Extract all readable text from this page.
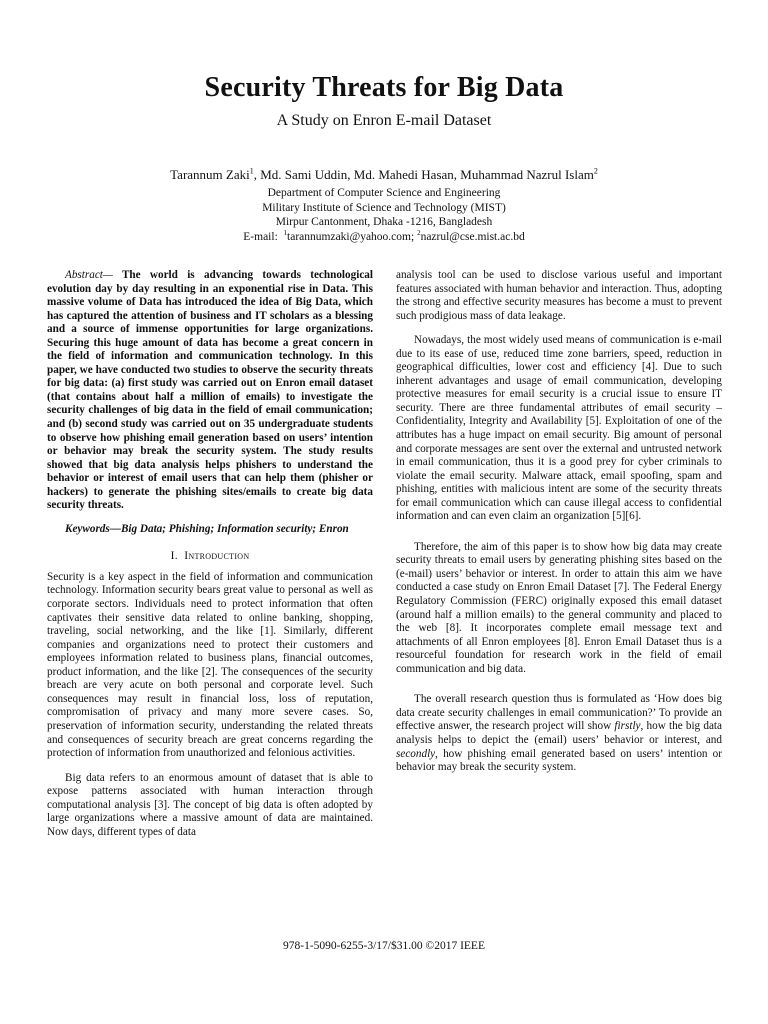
Security Threats for Big Data
A Study on Enron E-mail Dataset
Tarannum Zaki$^1$, Md. Sami Uddin, Md. Mahedi Hasan, Muhammad Nazrul Islam$^2$
Department of Computer Science and Engineering
Military Institute of Science and Technology (MIST)
Mirpur Cantonment, Dhaka -1216, Bangladesh
E-mail:  $^1$tarannumzaki@yahoo.com; $^2$nazrul@cse.mist.ac.bd

Abstract— The world is advancing towards technological evolution day by day resulting in an exponential rise in Data. This massive volume of Data has introduced the idea of Big Data, which has captured the attention of business and IT scholars as a blessing and a source of immense opportunities for large organizations. Securing this huge amount of data has become a great concern in the field of information and communication technology. In this paper, we have conducted two studies to observe the security threats for big data: (a) first study was carried out on Enron email dataset (that contains about half a million of emails) to investigate the security challenges of big data in the field of email communication; and (b) second study was carried out on 35 undergraduate students to observe how phishing email generation based on users’ intention or behavior may break the security system. The study results showed that big data analysis helps phishers to understand the behavior or interest of email users that can help them (phisher or hackers) to generate the phishing sites/emails to create big data security threats.

Keywords—Big Data; Phishing; Information security; Enron

I. Introduction

Security is a key aspect in the field of information and communication technology. Information security bears great value to personal as well as corporate sectors. Individuals need to protect information that often captivates their sensitive data related to online banking, shopping, traveling, social networking, and the like [1]. Similarly, different companies and organizations need to protect their customers and employees information related to business plans, financial outcomes, product information, and the like [2]. The consequences of the security breach are very acute on both personal and corporate level. Such consequences may result in financial loss, loss of reputation, compromisation of privacy and many more severe cases. So, preservation of information security, understanding the related threats and consequences of security breach are great concerns regarding the protection of information from unauthorized and felonious activities.

Big data refers to an enormous amount of dataset that is able to expose patterns associated with human interaction through computational analysis [3]. The concept of big data is often adopted by large organizations where a massive amount of data are maintained. Now days, different types of data

analysis tool can be used to disclose various useful and important features associated with human behavior and interaction. Thus, adopting the strong and effective security measures has become a must to prevent such prodigious mass of data leakage.

Nowadays, the most widely used means of communication is e-mail due to its ease of use, reduced time zone barriers, speed, reduction in geographical difficulties, lower cost and efficiency [4]. Due to such inherent advantages and usage of email communication, developing protective measures for email security is a crucial issue to ensure IT security. There are three fundamental attributes of email security – Confidentiality, Integrity and Availability [5]. Exploitation of one of the attributes has a huge impact on email security. Big amount of personal and corporate messages are sent over the external and untrusted network in email communication, thus it is a good prey for cyber criminals to violate the email security. Malware attack, email spoofing, spam and phishing, entities with malicious intent are some of the security threats for email communication which can cause illegal access to confidential information and can even claim an organization [5][6].

Therefore, the aim of this paper is to show how big data may create security threats to email users by generating phishing sites based on the (e-mail) users’ behavior or interest. In order to attain this aim we have conducted a case study on Enron Email Dataset [7]. The Federal Energy Regulatory Commission (FERC) originally exposed this email dataset (around half a million emails) to the general community and placed to the web [8]. It incorporates complete email message text and attachments of all Enron employees [8]. Enron Email Dataset thus is a resourceful foundation for research work in the field of email communication and big data.

The overall research question thus is formulated as ‘How does big data create security challenges in email communication?’ To provide an effective answer, the research project will show firstly, how the big data analysis helps to depict the (email) users’ behavior or interest, and secondly, how phishing email generated based on users’ intention or behavior may break the security system.

978-1-5090-6255-3/17/$31.00 ©2017 IEEE
